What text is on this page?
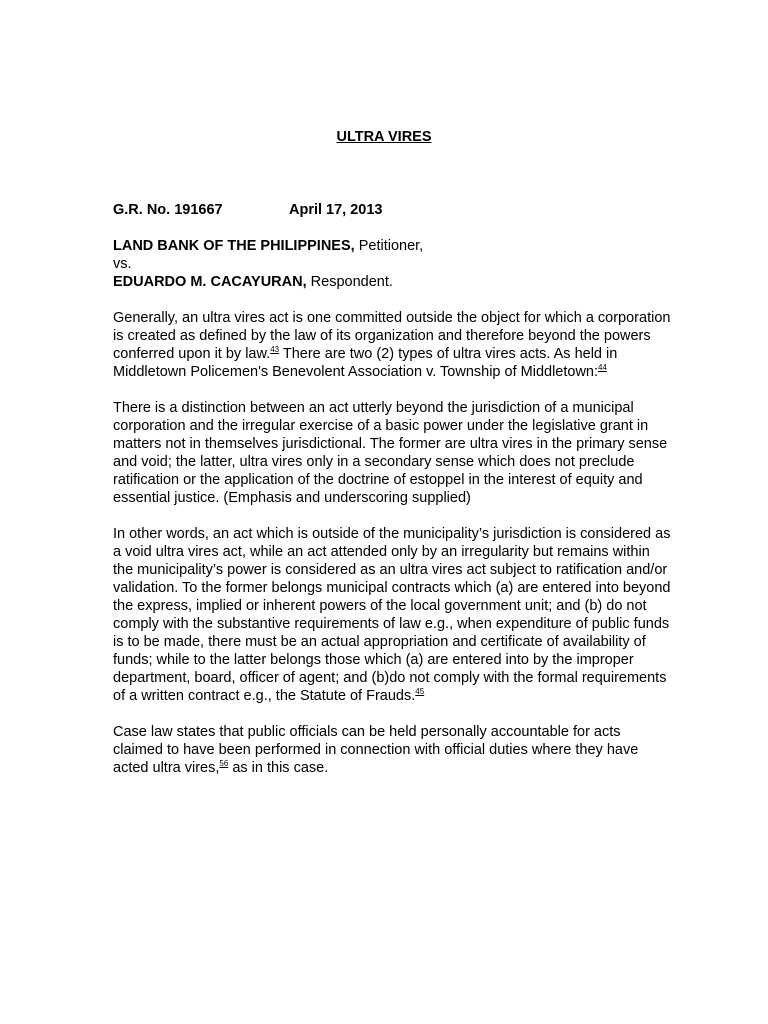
ULTRA VIRES
G.R. No. 191667	April 17, 2013
LAND BANK OF THE PHILIPPINES, Petitioner,
vs.
EDUARDO M. CACAYURAN, Respondent.

Generally, an ultra vires act is one committed outside the object for which a corporation is created as defined by the law of its organization and therefore beyond the powers conferred upon it by law.$^{43}$ There are two (2) types of ultra vires acts. As held in Middletown Policemen's Benevolent Association v. Township of Middletown:$^{44}$

There is a distinction between an act utterly beyond the jurisdiction of a municipal corporation and the irregular exercise of a basic power under the legislative grant in matters not in themselves jurisdictional. The former are ultra vires in the primary sense and void; the latter, ultra vires only in a secondary sense which does not preclude ratification or the application of the doctrine of estoppel in the interest of equity and essential justice. (Emphasis and underscoring supplied)

In other words, an act which is outside of the municipality’s jurisdiction is considered as a void ultra vires act, while an act attended only by an irregularity but remains within the municipality’s power is considered as an ultra vires act subject to ratification and/or validation. To the former belongs municipal contracts which (a) are entered into beyond the express, implied or inherent powers of the local government unit; and (b) do not comply with the substantive requirements of law e.g., when expenditure of public funds is to be made, there must be an actual appropriation and certificate of availability of funds; while to the latter belongs those which (a) are entered into by the improper department, board, officer of agent; and (b)do not comply with the formal requirements of a written contract e.g., the Statute of Frauds.$^{45}$

Case law states that public officials can be held personally accountable for acts claimed to have been performed in connection with official duties where they have acted ultra vires,$^{56}$ as in this case.
